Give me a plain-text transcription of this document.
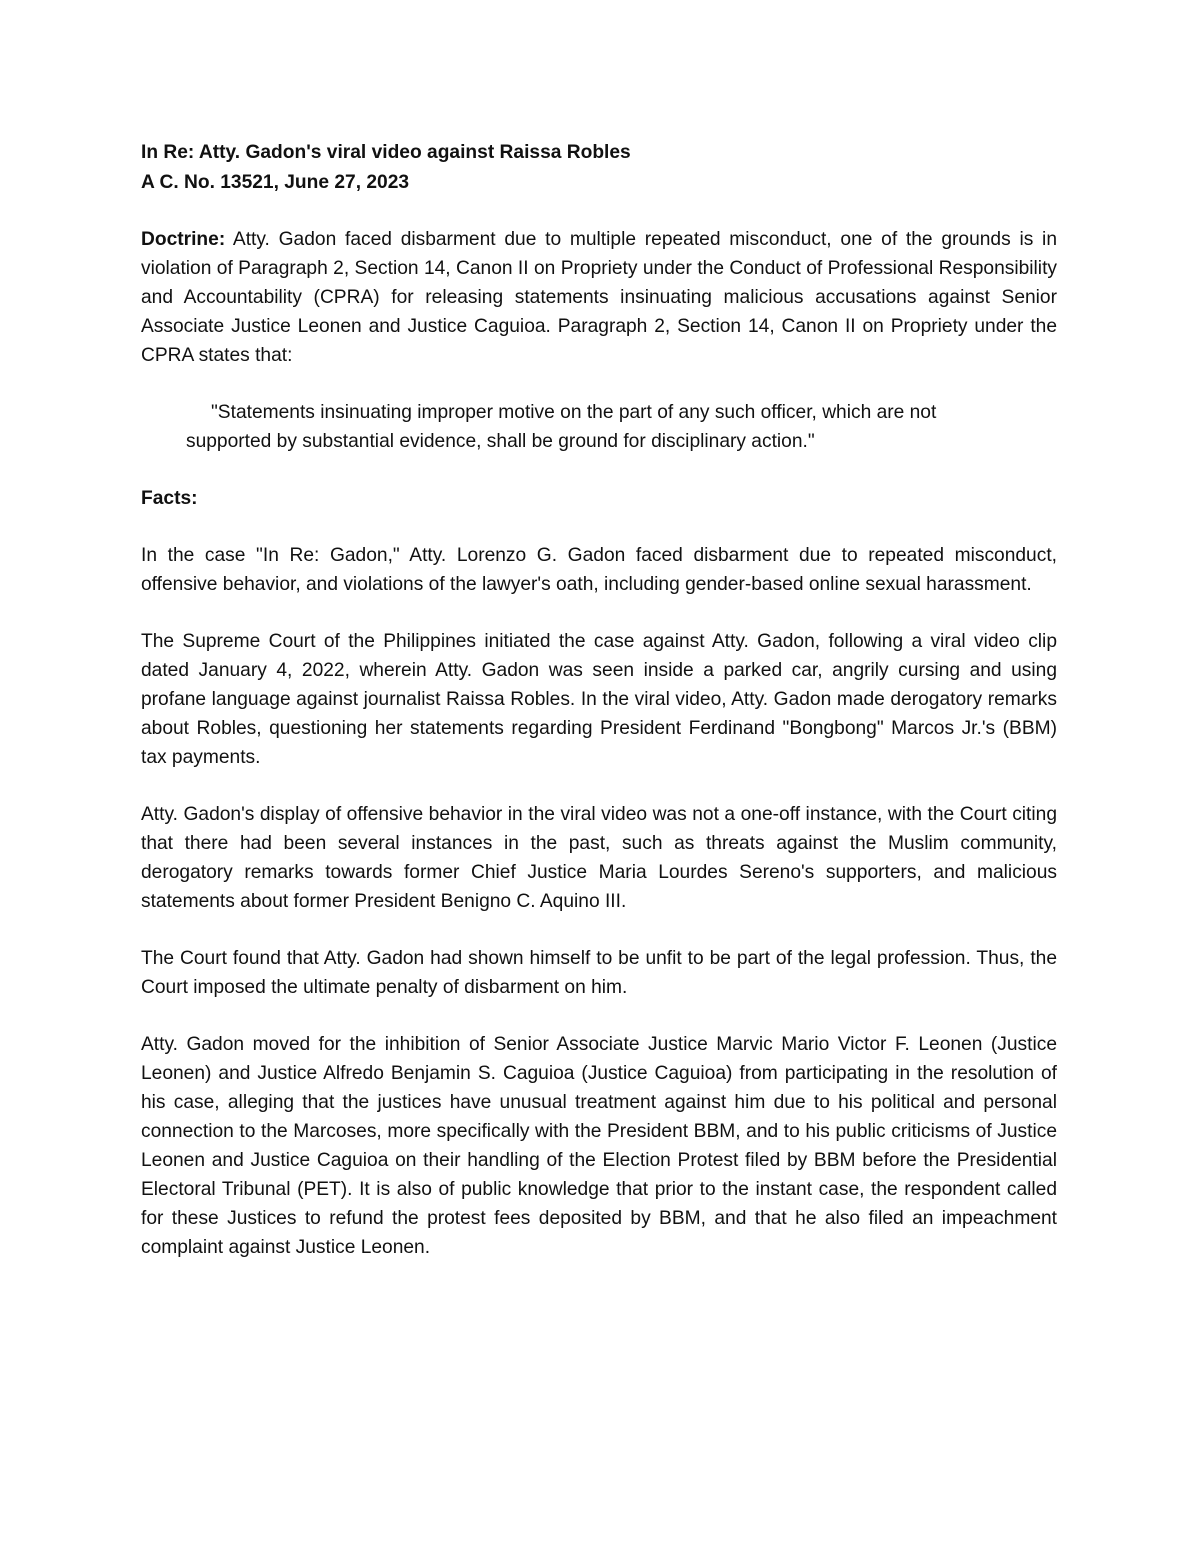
In Re: Atty. Gadon's viral video against Raissa Robles

A C. No. 13521, June 27, 2023

Doctrine: Atty. Gadon faced disbarment due to multiple repeated misconduct, one of the grounds is in violation of Paragraph 2, Section 14, Canon II on Propriety under the Conduct of Professional Responsibility and Accountability (CPRA) for releasing statements insinuating malicious accusations against Senior Associate Justice Leonen and Justice Caguioa. Paragraph 2, Section 14, Canon II on Propriety under the CPRA states that:

"Statements insinuating improper motive on the part of any such officer, which are not supported by substantial evidence, shall be ground for disciplinary action."

Facts:

In the case "In Re: Gadon," Atty. Lorenzo G. Gadon faced disbarment due to repeated misconduct, offensive behavior, and violations of the lawyer's oath, including gender-based online sexual harassment.

The Supreme Court of the Philippines initiated the case against Atty. Gadon, following a viral video clip dated January 4, 2022, wherein Atty. Gadon was seen inside a parked car, angrily cursing and using profane language against journalist Raissa Robles. In the viral video, Atty. Gadon made derogatory remarks about Robles, questioning her statements regarding President Ferdinand "Bongbong" Marcos Jr.'s (BBM) tax payments.

Atty. Gadon's display of offensive behavior in the viral video was not a one-off instance, with the Court citing that there had been several instances in the past, such as threats against the Muslim community, derogatory remarks towards former Chief Justice Maria Lourdes Sereno's supporters, and malicious statements about former President Benigno C. Aquino III.

The Court found that Atty. Gadon had shown himself to be unfit to be part of the legal profession. Thus, the Court imposed the ultimate penalty of disbarment on him.

Atty. Gadon moved for the inhibition of Senior Associate Justice Marvic Mario Victor F. Leonen (Justice Leonen) and Justice Alfredo Benjamin S. Caguioa (Justice Caguioa) from participating in the resolution of his case, alleging that the justices have unusual treatment against him due to his political and personal connection to the Marcoses, more specifically with the President BBM, and to his public criticisms of Justice Leonen and Justice Caguioa on their handling of the Election Protest filed by BBM before the Presidential Electoral Tribunal (PET). It is also of public knowledge that prior to the instant case, the respondent called for these Justices to refund the protest fees deposited by BBM, and that he also filed an impeachment complaint against Justice Leonen.
